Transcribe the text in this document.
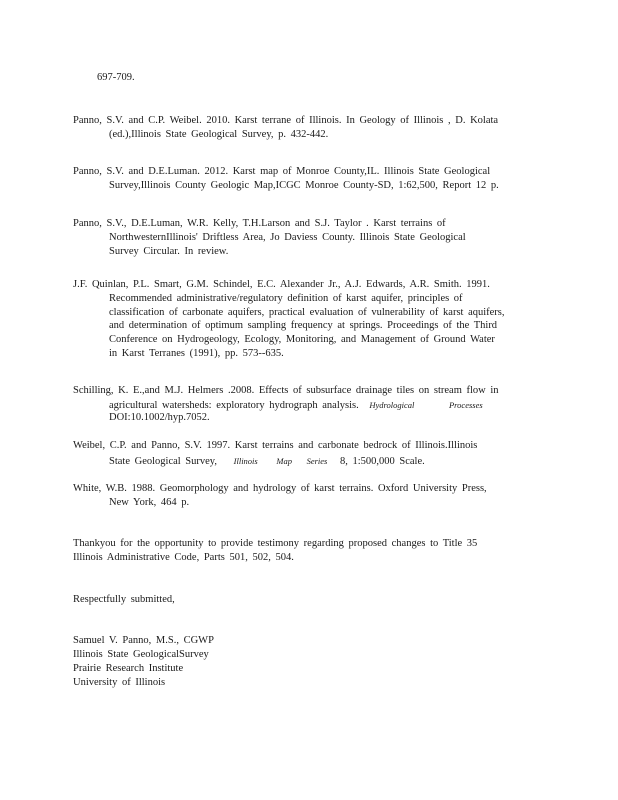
697-709.
Panno, S.V. and C.P. Weibel. 2010. Karst terrane of Illinois. In Geology of Illinois , D. Kolata
(ed.),Illinois State Geological Survey, p. 432-442.
Panno, S.V. and D.E.Luman. 2012. Karst map of Monroe County,IL. Illinois State Geological
Survey,Illinois County Geologic Map,ICGC Monroe County-SD, 1:62,500, Report 12 p.
Panno, S.V., D.E.Luman, W.R. Kelly, T.H.Larson and S.J. Taylor . Karst terrains of
NorthwesternIllinois' Driftless Area, Jo Daviess County. Illinois State Geological
Survey Circular. In review.
J.F. Quinlan, P.L. Smart, G.M. Schindel, E.C. Alexander Jr., A.J. Edwards, A.R. Smith. 1991.
Recommended administrative/regulatory definition of karst aquifer, principles of
classification of carbonate aquifers, practical evaluation of vulnerability of karst aquifers,
and determination of optimum sampling frequency at springs. Proceedings of the Third
Conference on Hydrogeology, Ecology, Monitoring, and Management of Ground Water
in Karst Terranes (1991), pp. 573--635.
Schilling, K. E.,and M.J. Helmers .2008. Effects of subsurface drainage tiles on stream flow in
agricultural watersheds: exploratory hydrograph analysis. Hydrological	Processes
DOI:10.1002/hyp.7052.
Weibel, C.P. and Panno, S.V. 1997. Karst terrains and carbonate bedrock of Illinois.Illinois
State Geological Survey, Illinois Map Series 8, 1:500,000 Scale.
White, W.B. 1988. Geomorphology and hydrology of karst terrains. Oxford University Press,
New York, 464 p.
Thankyou for the opportunity to provide testimony regarding proposed changes to Title 35
Illinois Administrative Code, Parts 501, 502, 504.
Respectfully submitted,
Samuel V. Panno, M.S., CGWP
Illinois State GeologicalSurvey
Prairie Research Institute
University of Illinois
